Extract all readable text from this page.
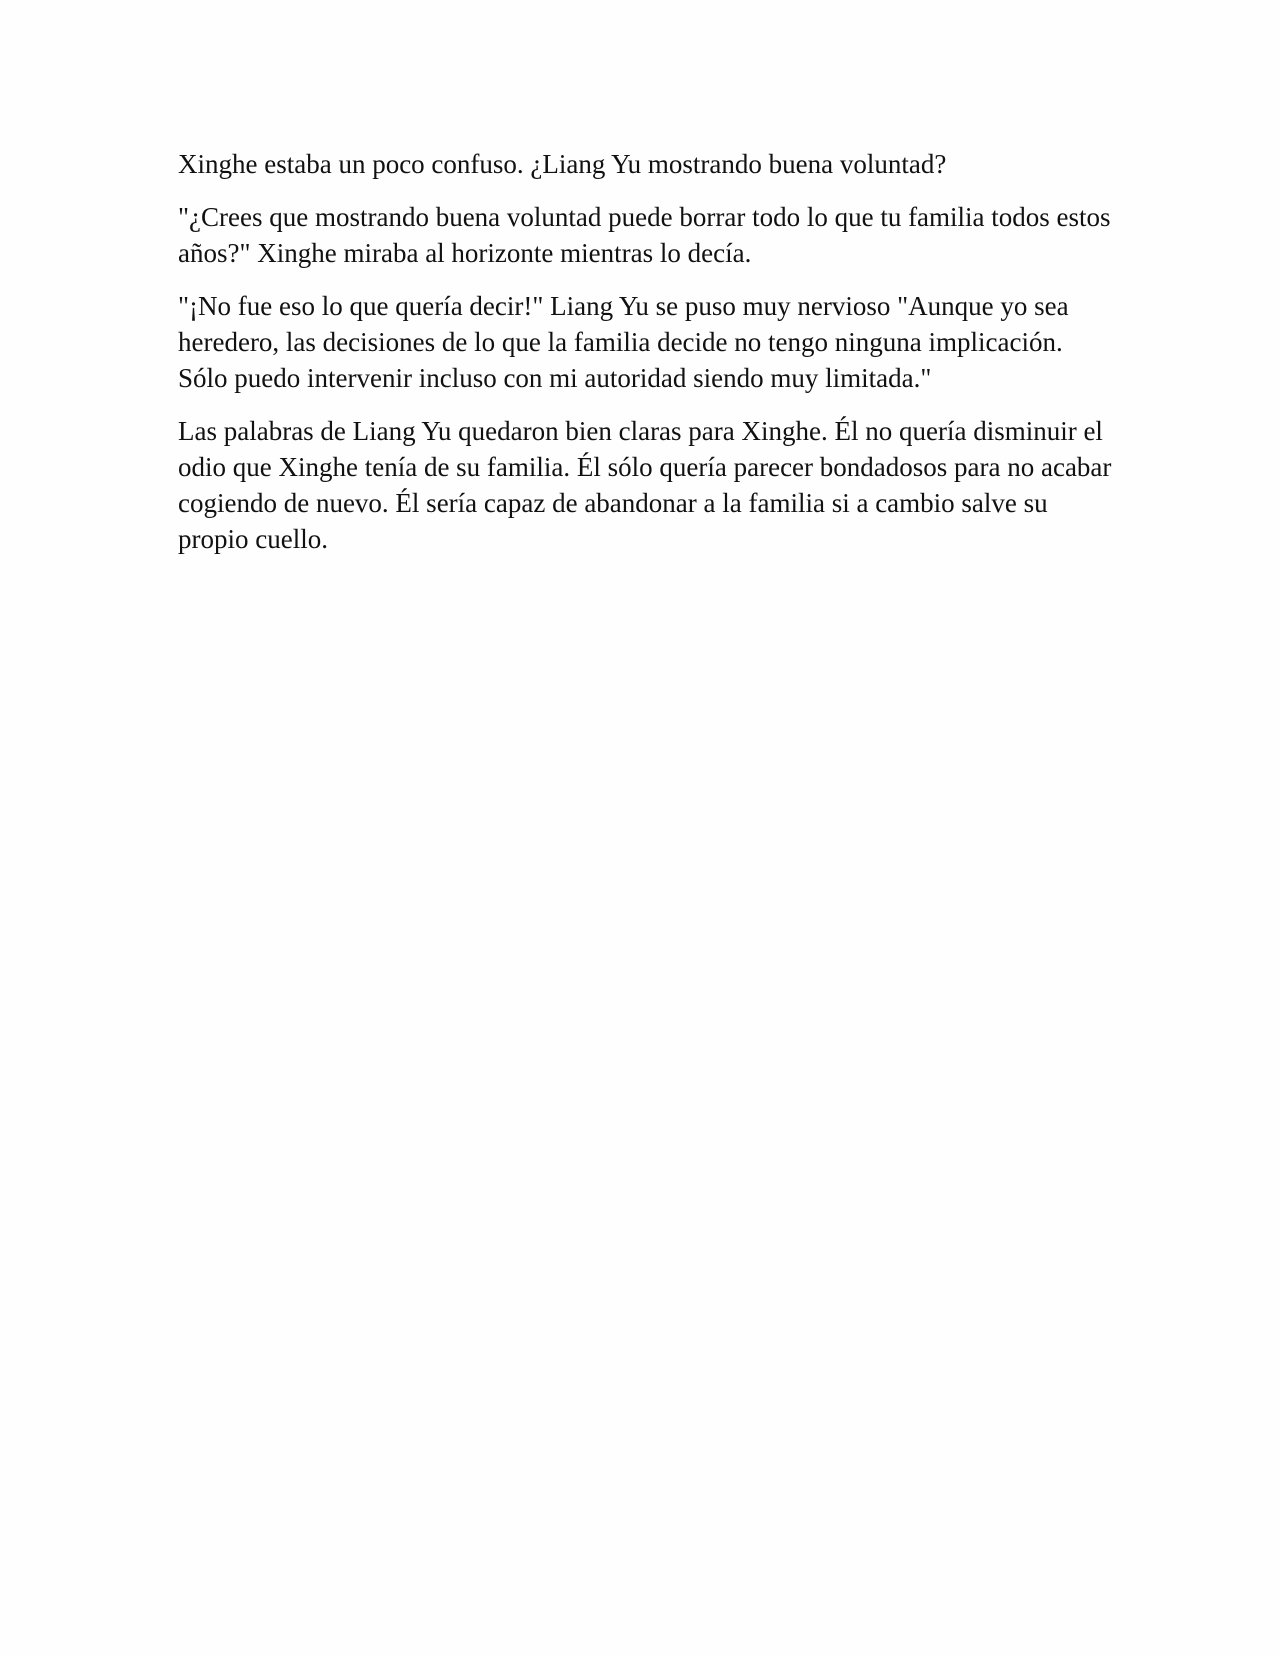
Xinghe estaba un poco confuso. ¿Liang Yu mostrando buena voluntad?

"¿Crees que mostrando buena voluntad puede borrar todo lo que tu familia todos estos años?" Xinghe miraba al horizonte mientras lo decía.

"¡No fue eso lo que quería decir!" Liang Yu se puso muy nervioso "Aunque yo sea heredero, las decisiones de lo que la familia decide no tengo ninguna implicación. Sólo puedo intervenir incluso con mi autoridad siendo muy limitada."

Las palabras de Liang Yu quedaron bien claras para Xinghe. Él no quería disminuir el odio que Xinghe tenía de su familia. Él sólo quería parecer bondadosos para no acabar cogiendo de nuevo. Él sería capaz de abandonar a la familia si a cambio salve su propio cuello.
